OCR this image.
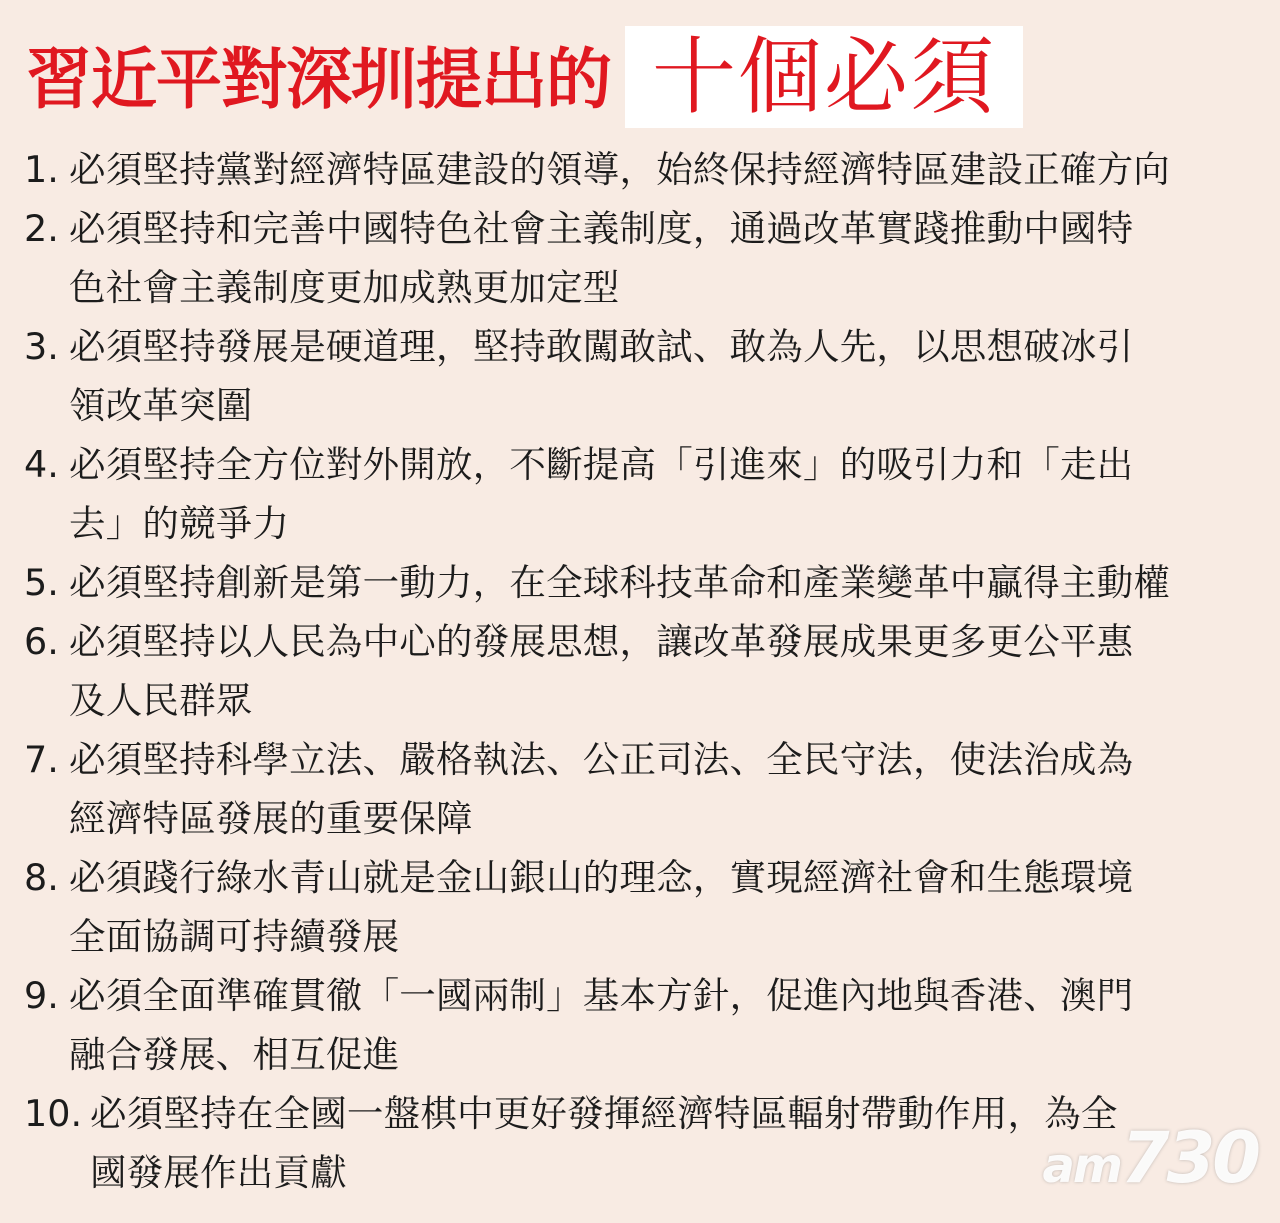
習近平對深圳提出的 十個必須
1. 必須堅持黨對經濟特區建設的領導，始終保持經濟特區建設正確方向
2. 必須堅持和完善中國特色社會主義制度，通過改革實踐推動中國特
色社會主義制度更加成熟更加定型
3. 必須堅持發展是硬道理，堅持敢闖敢試、敢為人先，以思想破冰引
領改革突圍
4. 必須堅持全方位對外開放，不斷提高「引進來」的吸引力和「走出
去」的競爭力
5. 必須堅持創新是第一動力，在全球科技革命和產業變革中贏得主動權
6. 必須堅持以人民為中心的發展思想，讓改革發展成果更多更公平惠
及人民群眾
7. 必須堅持科學立法、嚴格執法、公正司法、全民守法，使法治成為
經濟特區發展的重要保障
8. 必須踐行綠水青山就是金山銀山的理念，實現經濟社會和生態環境
全面協調可持續發展
9. 必須全面準確貫徹「一國兩制」基本方針，促進內地與香港、澳門
融合發展、相互促進
10. 必須堅持在全國一盤棋中更好發揮經濟特區輻射帶動作用，為全
國發展作出貢獻	am730
